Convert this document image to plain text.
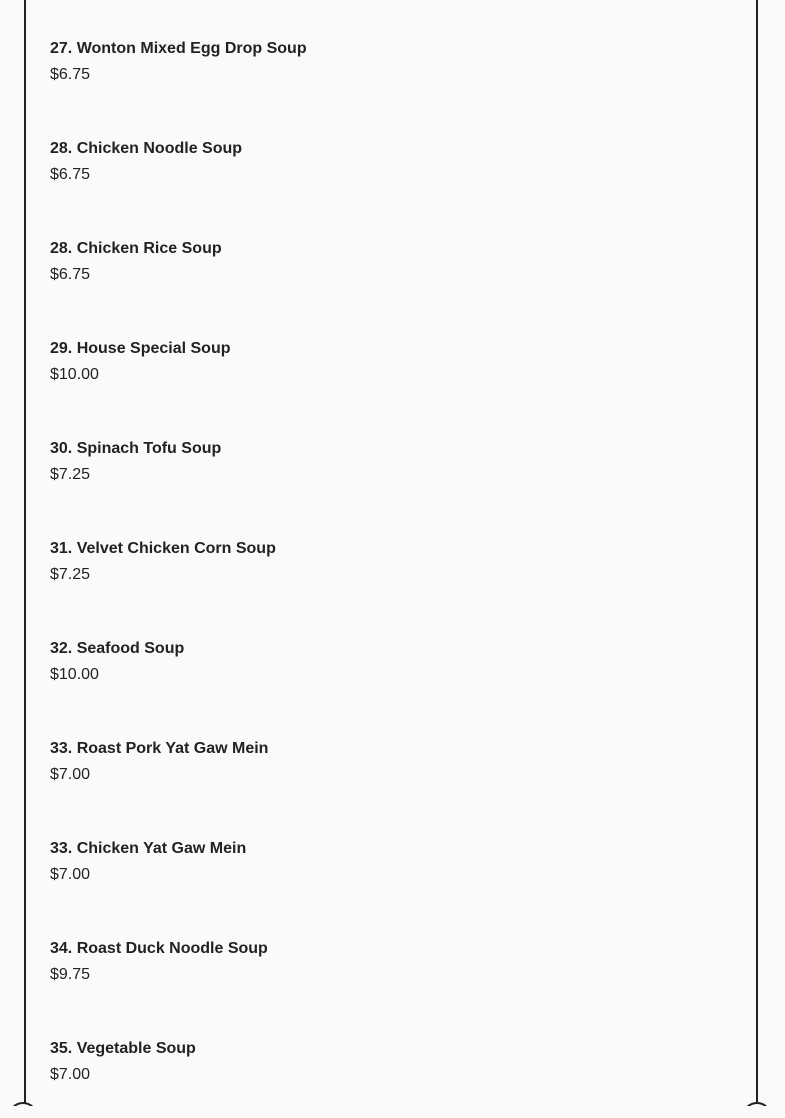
27. Wonton Mixed Egg Drop Soup
$6.75
28. Chicken Noodle Soup
$6.75
28. Chicken Rice Soup
$6.75
29. House Special Soup
$10.00
30. Spinach Tofu Soup
$7.25
31. Velvet Chicken Corn Soup
$7.25
32. Seafood Soup
$10.00
33. Roast Pork Yat Gaw Mein
$7.00
33. Chicken Yat Gaw Mein
$7.00
34. Roast Duck Noodle Soup
$9.75
35. Vegetable Soup
$7.00
